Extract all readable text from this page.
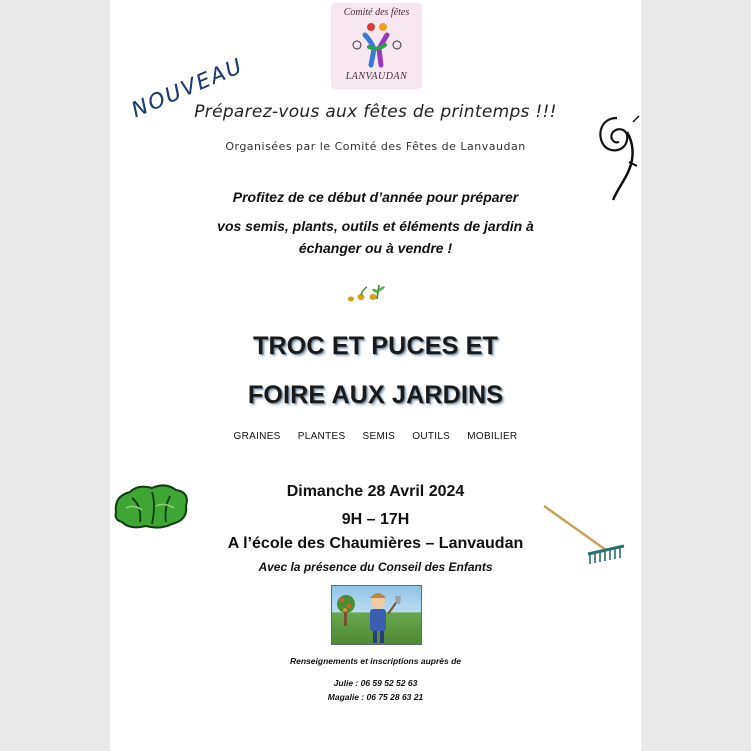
Comité des fêtes
LANVAUDAN
NOUVEAU
Préparez-vous aux fêtes de printemps !!!
Organisées par le Comité des Fêtes de Lanvaudan
Profitez de ce début d’année pour préparer
vos semis, plants, outils et éléments de jardin à
échanger ou à vendre !
TROC ET PUCES ET
FOIRE AUX JARDINS
GRAINES PLANTES SEMIS OUTILS MOBILIER
Dimanche 28 Avril 2024
9H – 17H
A l’école des Chaumières – Lanvaudan
Avec la présence du Conseil des Enfants
Renseignements et inscriptions auprès de
Julie : 06 59 52 52 63
Magalie : 06 75 28 63 21
